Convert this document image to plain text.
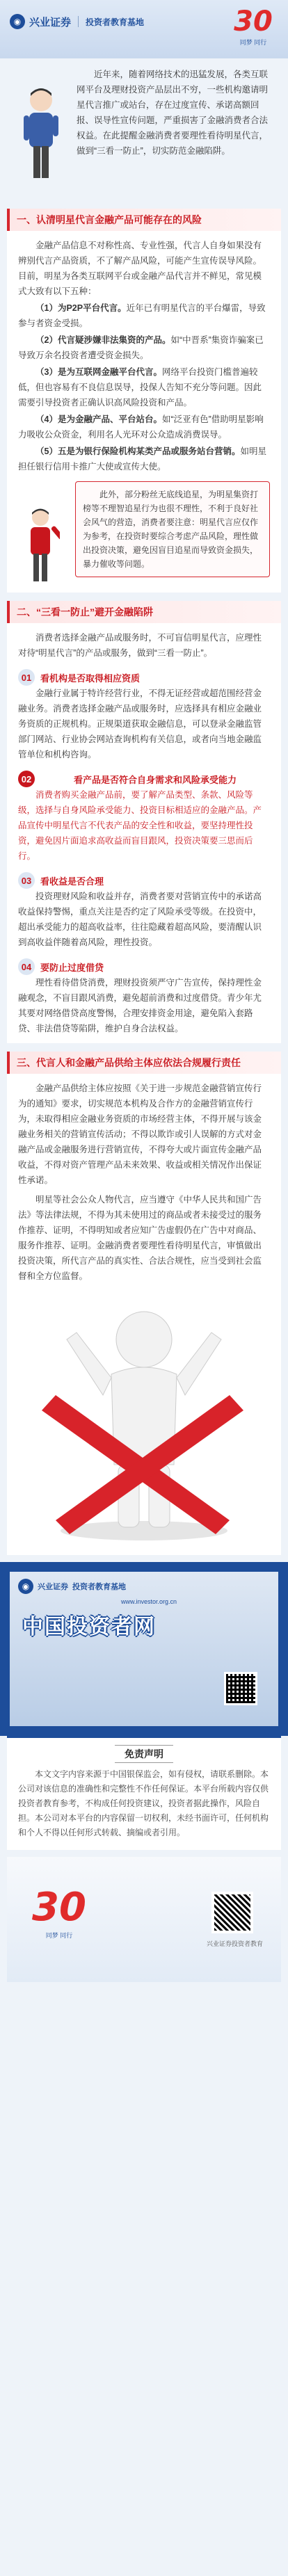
◉ 兴业证券 投资者教育基地	30
同梦 同行

近年来，随着网络技术的迅猛发展，各类互联网平台及理财投资产品层出不穷，一些机构邀请明星代言推广或站台，存在过度宣传、承诺高额回报、误导性宣传问题，严重损害了金融消费者合法权益。在此提醒金融消费者要理性看待明星代言，做到“三看一防止”，切实防范金融陷阱。

一、认清明星代言金融产品可能存在的风险

金融产品信息不对称性高、专业性强，代言人自身如果没有辨别代言产品资质，不了解产品风险，可能产生宣传误导风险。目前，明星为各类互联网平台或金融产品代言并不鲜见，常见模式大致有以下五种：

（1）为P2P平台代言。近年已有明星代言的平台爆雷，导致参与者资金受损。

（2）代言疑涉嫌非法集资的产品。如“中晋系”集资诈骗案已导致万余名投资者遭受资金损失。

（3）是为互联网金融平台代言。网络平台投资门槛普遍较低，但也容易有不良信息误导，投保人告知不充分等问题。因此需要引导投资者正确认识高风险投资和产品。

（4）是为金融产品、平台站台。如“泛亚有色”借助明星影响力吸收公众资金，利用名人光环对公众造成消费误导。

（5）五是为银行保险机构某类产品或服务站台营销。如明星担任银行信用卡推广大使或宣传大使。

此外，部分粉丝无底线追星，为明星集资打榜等不理智追星行为也很不理性，不利于良好社会风气的营造，消费者要注意：明星代言应仅作为参考，在投资时要综合考虑产品风险，理性做出投资决策，避免因盲目追星而导致资金损失，暴力催收等问题。
二、“三看一防止”避开金融陷阱

消费者选择金融产品或服务时，不可盲信明星代言，应理性对待“明星代言”的产品或服务，做到“三看一防止”。

01 看机构是否取得相应资质

金融行业属于特许经营行业，不得无证经营或超范围经营金融业务。消费者选择金融产品或服务时，应选择具有相应金融业务资质的正规机构。正规渠道获取金融信息，可以登录金融监管部门网站、行业协会网站查询机构有关信息，或者向当地金融监管单位和机构咨询。

02	看产品是否符合自身需求和风险承受能力

消费者购买金融产品前，要了解产品类型、条款、风险等级，选择与自身风险承受能力、投资目标相适应的金融产品。产品宣传中明星代言不代表产品的安全性和收益，要坚持理性投资，避免因片面追求高收益而盲目跟风，投资决策要三思而后行。

03 看收益是否合理

投资理财风险和收益并存，消费者要对营销宣传中的承诺高收益保持警惕，重点关注是否约定了风险承受等级。在投资中，超出承受能力的超高收益率，往往隐藏着超高风险，要清醒认识到高收益伴随着高风险，理性投资。

04 要防止过度借贷

理性看待借贷消费，理财投资须严守广告宣传，保持理性金融观念，不盲目跟风消费，避免超前消费和过度借贷。青少年尤其要对网络借贷高度警惕，合理安排资金用途，避免陷入套路贷、非法借贷等陷阱，维护自身合法权益。

三、代言人和金融产品供给主体应依法合规履行责任

金融产品供给主体应按照《关于进一步规范金融营销宣传行为的通知》要求，切实规范本机构及合作方的金融营销宣传行为，未取得相应金融业务资质的市场经营主体，不得开展与该金融业务相关的营销宣传活动；不得以欺诈或引人误解的方式对金融产品或金融服务进行营销宣传，不得夸大或片面宣传金融产品收益，不得对资产管理产品未来效果、收益或相关情况作出保证性承诺。

明星等社会公众人物代言，应当遵守《中华人民共和国广告法》等法律法规，不得为其未使用过的商品或者未接受过的服务作推荐、证明，不得明知或者应知广告虚假仍在广告中对商品、服务作推荐、证明。金融消费者要理性看待明星代言，审慎做出投资决策，所代言产品的真实性、合法合规性，应当受到社会监督和全方位监督。

◉	兴业证券 投资者教育基地
www.investor.org.cn
中国投资者网
免责声明

本文文字内容来源于中国银保监会，如有侵权，请联系删除。本公司对该信息的准确性和完整性不作任何保证。本平台所载内容仅供投资者教育参考，不构成任何投资建议，投资者据此操作，风险自担。本公司对本平台的内容保留一切权利，未经书面许可，任何机构和个人不得以任何形式转载、摘编或者引用。

30
同梦 同行
兴业证券投资者教育
